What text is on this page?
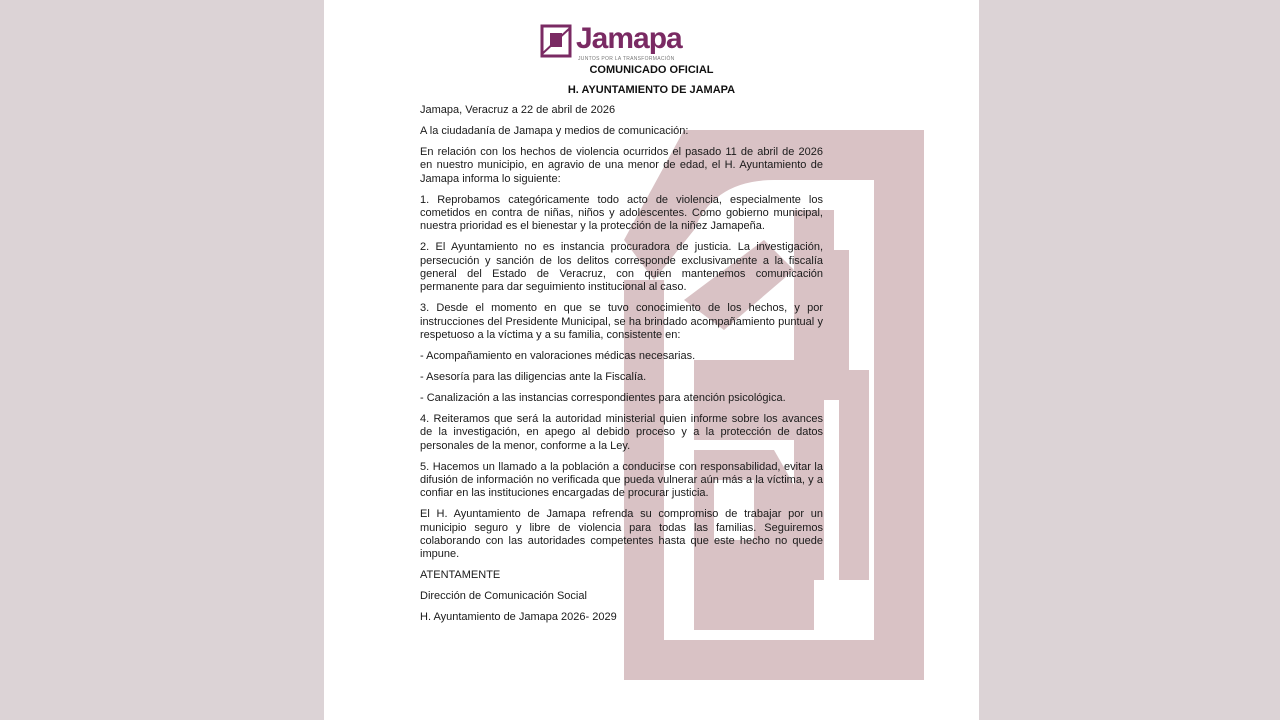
Jamapa
JUNTOS POR LA TRANSFORMACIÓN
COMUNICADO OFICIAL
H. AYUNTAMIENTO DE JAMAPA

Jamapa, Veracruz a 22 de abril de 2026

A la ciudadanía de Jamapa y medios de comunicación:

En relación con los hechos de violencia ocurridos el pasado 11 de abril de 2026 en nuestro municipio, en agravio de una menor de edad, el H. Ayuntamiento de Jamapa informa lo siguiente:

1. Reprobamos categóricamente todo acto de violencia, especialmente los cometidos en contra de niñas, niños y adolescentes. Como gobierno municipal, nuestra prioridad es el bienestar y la protección de la niñez Jamapeña.

2. El Ayuntamiento no es instancia procuradora de justicia. La investigación, persecución y sanción de los delitos corresponde exclusivamente a la fiscalía general del Estado de Veracruz, con quien mantenemos comunicación permanente para dar seguimiento institucional al caso.

3. Desde el momento en que se tuvo conocimiento de los hechos, y por instrucciones del Presidente Municipal, se ha brindado acompañamiento puntual y respetuoso a la víctima y a su familia, consistente en:

- Acompañamiento en valoraciones médicas necesarias.

- Asesoría para las diligencias ante la Fiscalía.

- Canalización a las instancias correspondientes para atención psicológica.

4. Reiteramos que será la autoridad ministerial quien informe sobre los avances de la investigación, en apego al debido proceso y a la protección de datos personales de la menor, conforme a la Ley.

5. Hacemos un llamado a la población a conducirse con responsabilidad, evitar la difusión de información no verificada que pueda vulnerar aún más a la víctima, y a confiar en las instituciones encargadas de procurar justicia.

El H. Ayuntamiento de Jamapa refrenda su compromiso de trabajar por un municipio seguro y libre de violencia para todas las familias. Seguiremos colaborando con las autoridades competentes hasta que este hecho no quede impune.

ATENTAMENTE

Dirección de Comunicación Social

H. Ayuntamiento de Jamapa 2026- 2029
